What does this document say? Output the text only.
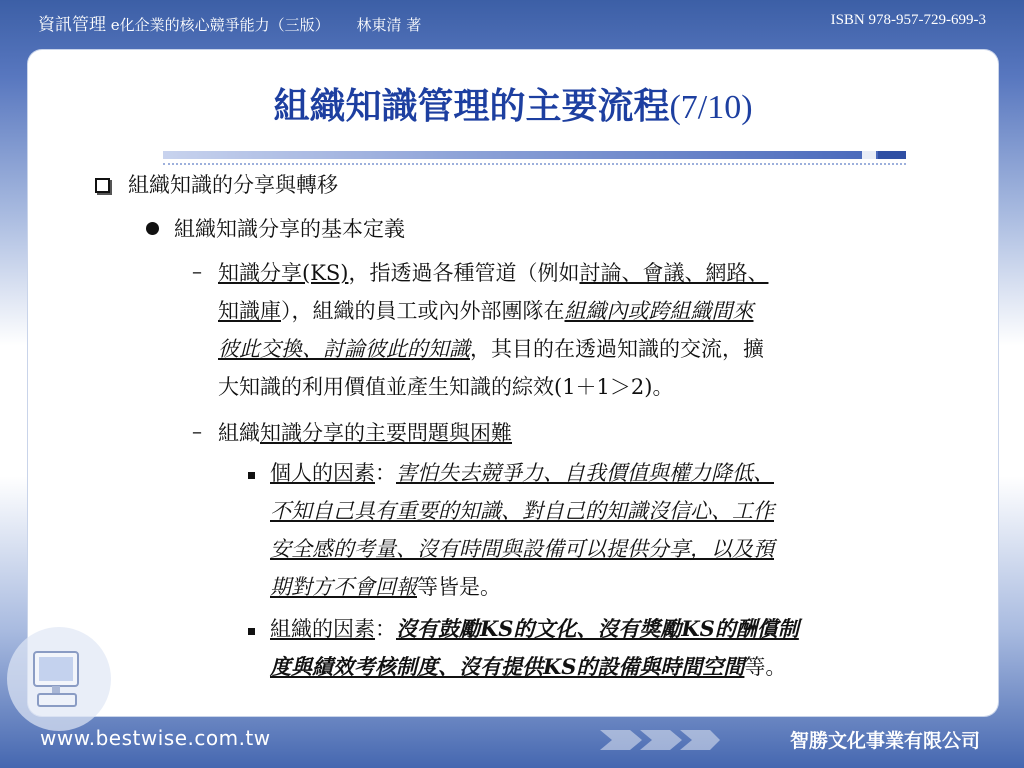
資訊管理 e化企業的核心競爭能力（三版） 林東清 著	ISBN 978-957-729-699-3
組織知識管理的主要流程(7/10)
組織知識的分享與轉移
組織知識分享的基本定義
– 知識分享(KS)，指透過各種管道（例如討論、會議、網路、
知識庫），組織的員工或內外部團隊在組織內或跨組織間來
彼此交換、討論彼此的知識，其目的在透過知識的交流，擴
大知識的利用價值並產生知識的綜效(1＋1＞2)。
– 組織知識分享的主要問題與困難
個人的因素：害怕失去競爭力、自我價值與權力降低、
不知自己具有重要的知識、對自己的知識沒信心、工作
安全感的考量、沒有時間與設備可以提供分享，以及預
期對方不會回報等皆是。
組織的因素：沒有鼓勵KS的文化、沒有獎勵KS的酬償制
度與績效考核制度、沒有提供KS的設備與時間空間等。
www.bestwise.com.tw	智勝文化事業有限公司
